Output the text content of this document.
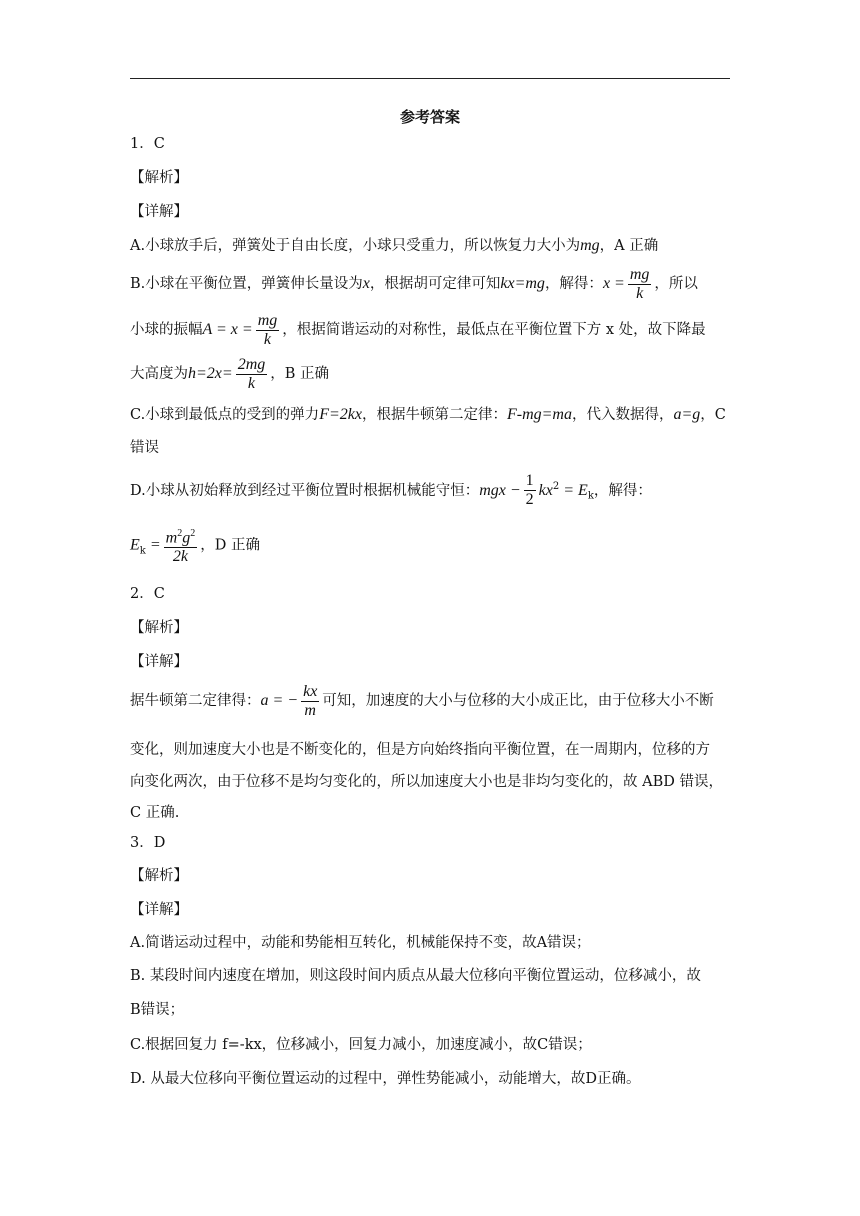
参考答案
1．C
【解析】
【详解】
A.小球放手后，弹簧处于自由长度，小球只受重力，所以恢复力大小为mg，A 正确
B.小球在平衡位置，弹簧伸长量设为x，根据胡可定律可知kx=mg，解得：$x = \frac{mg}{k}$ ，所以
小球的振幅$A = x = \frac{mg}{k}$ ，根据简谐运动的对称性，最低点在平衡位置下方 x 处，故下降最
大高度为$h=2x= \frac{2mg}{k}$ ，B 正确
C.小球到最低点的受到的弹力F=2kx，根据牛顿第二定律：F-mg=ma，代入数据得，a=g，C
错误
D.小球从初始释放到经过平衡位置时根据机械能守恒：mgx − $\frac{1}{2} kx^2 = E_k$，解得：
$E_k = \frac{m^2g^2}{2k}$ ，D 正确
2．C
【解析】
【详解】
据牛顿第二定律得：a = − $\frac{kx}{m}$ 可知，加速度的大小与位移的大小成正比，由于位移大小不断
变化，则加速度大小也是不断变化的，但是方向始终指向平衡位置，在一周期内，位移的方
向变化两次，由于位移不是均匀变化的，所以加速度大小也是非均匀变化的，故 ABD 错误，
C 正确.
3．D
【解析】
【详解】
A.简谐运动过程中，动能和势能相互转化，机械能保持不变，故A错误；
B. 某段时间内速度在增加，则这段时间内质点从最大位移向平衡位置运动，位移减小，故
B错误；
C.根据回复力 f=-kx，位移减小，回复力减小，加速度减小，故C错误；
D. 从最大位移向平衡位置运动的过程中，弹性势能减小，动能增大，故D正确。
